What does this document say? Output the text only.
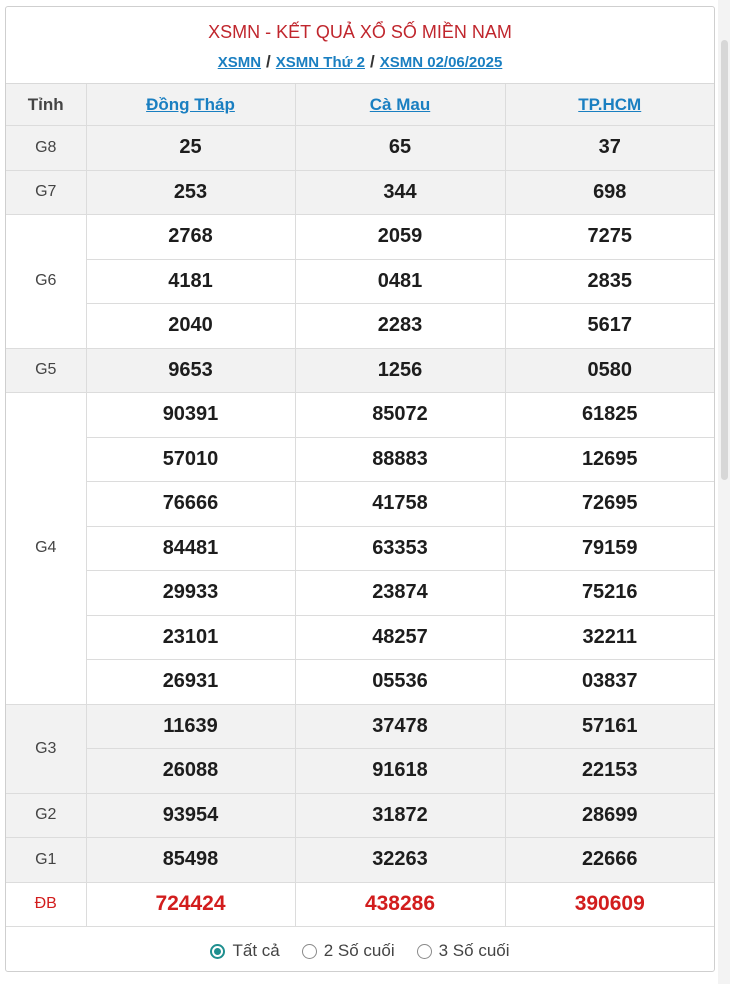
XSMN - KẾT QUẢ XỔ SỐ MIỀN NAM
XSMN / XSMN Thứ 2 / XSMN 02/06/2025
Tỉnh	Đồng Tháp	Cà Mau	TP.HCM
G8	25	65	37
G7	253	344	698
G6	2768	2059	7275
	4181	0481	2835
	2040	2283	5617
G5	9653	1256	0580
G4	90391	85072	61825
	57010	88883	12695
	76666	41758	72695
	84481	63353	79159
	29933	23874	75216
	23101	48257	32211
	26931	05536	03837
G3	11639	37478	57161
	26088	91618	22153
G2	93954	31872	28699
G1	85498	32263	22666
ĐB	724424	438286	390609
Tất cả	2 Số cuối	3 Số cuối
